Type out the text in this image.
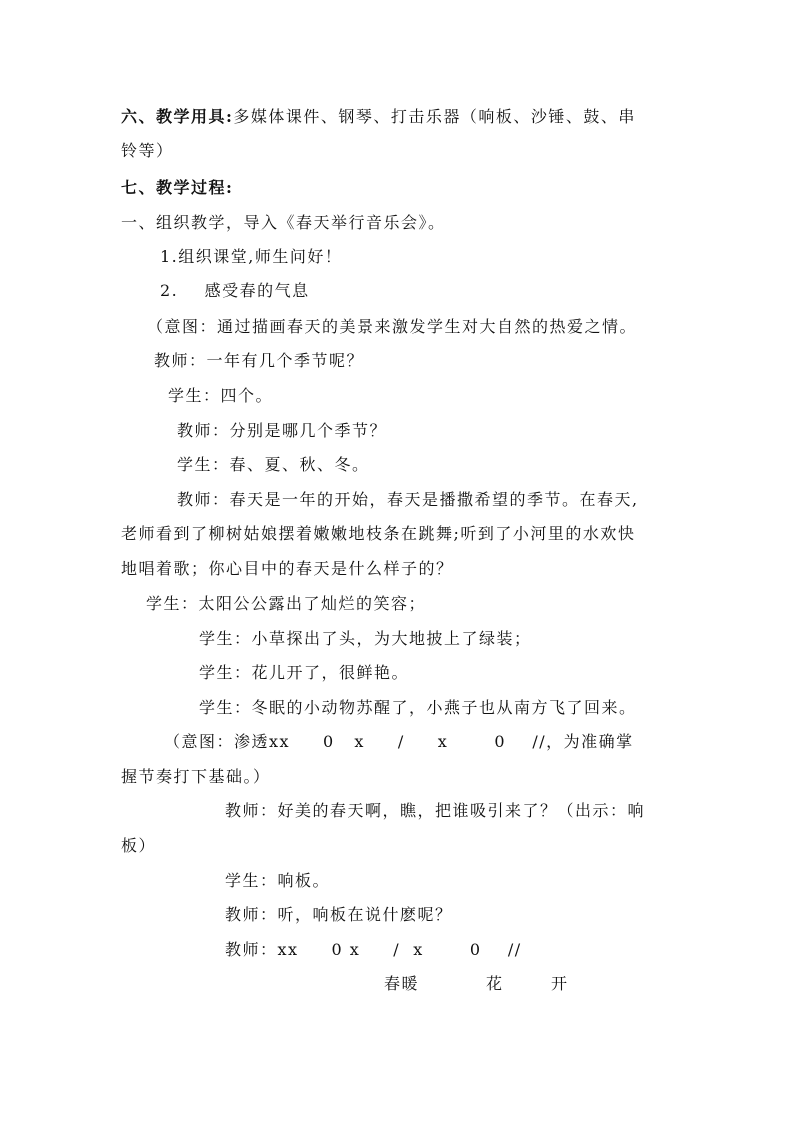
六、教学用具:多媒体课件、钢琴、打击乐器（响板、沙锤、鼓、串
铃等）
七、教学过程:
一、组织教学，导入《春天举行音乐会》。
1.组织课堂,师生问好！
2.    感受春的气息
（意图：通过描画春天的美景来激发学生对大自然的热爱之情。
教师：一年有几个季节呢？
学生：四个。
教师：分别是哪几个季节？
学生：春、夏、秋、冬。
教师：春天是一年的开始，春天是播撒希望的季节。在春天,
老师看到了柳树姑娘摆着嫩嫩地枝条在跳舞;听到了小河里的水欢快
地唱着歌；你心目中的春天是什么样子的？
学生：太阳公公露出了灿烂的笑容；
学生：小草探出了头，为大地披上了绿装；
学生：花儿开了，很鲜艳。
学生：冬眠的小动物苏醒了，小燕子也从南方飞了回来。
（意图：渗透xx     0   x     /     x       0    //，为准确掌
握节奏打下基础。）
教师：好美的春天啊，瞧，把谁吸引来了？（出示：响
板）
学生：响板。
教师：听，响板在说什麽呢？
教师：xx     0 x     /  x       0    //
春暖	花	开
